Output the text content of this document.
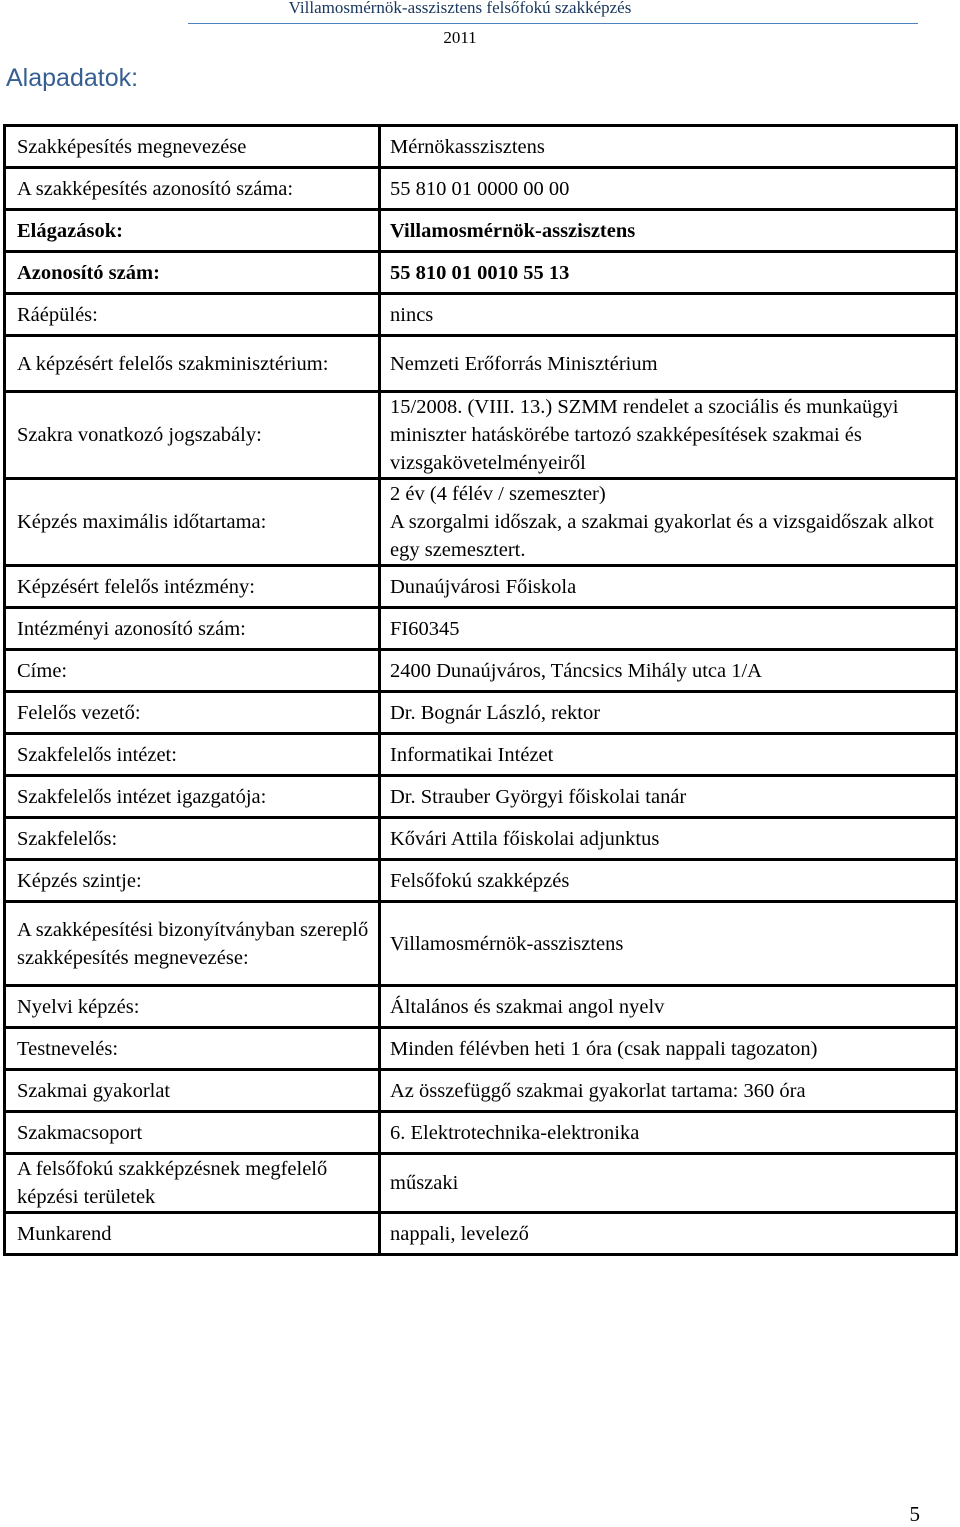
Villamosmérnök-asszisztens felsőfokú szakképzés
2011
Alapadatok:
Szakképesítés megnevezése	Mérnökasszisztens
A szakképesítés azonosító száma:	55 810 01 0000 00 00
Elágazások:	Villamosmérnök-asszisztens
Azonosító szám:	55 810 01 0010 55 13
Ráépülés:	nincs
A képzésért felelős szakminisztérium:	Nemzeti Erőforrás Minisztérium
Szakra vonatkozó jogszabály:	15/2008. (VIII. 13.) SZMM rendelet a szociális és munkaügyi miniszter hatáskörébe tartozó szakképesítések szakmai és vizsgakövetelményeiről
Képzés maximális időtartama:	2 év (4 félév / szemeszter)
A szorgalmi időszak, a szakmai gyakorlat és a vizsgaidőszak alkot egy szemesztert.

Képzésért felelős intézmény:	Dunaújvárosi Főiskola
Intézményi azonosító szám:	FI60345
Címe:	2400 Dunaújváros, Táncsics Mihály utca 1/A
Felelős vezető:	Dr. Bognár László, rektor
Szakfelelős intézet:	Informatikai Intézet
Szakfelelős intézet igazgatója:	Dr. Strauber Györgyi főiskolai tanár
Szakfelelős:	Kővári Attila főiskolai adjunktus
Képzés szintje:	Felsőfokú szakképzés
A szakképesítési bizonyítványban szereplő szakképesítés megnevezése:	Villamosmérnök-asszisztens
Nyelvi képzés:	Általános és szakmai angol nyelv
Testnevelés:	Minden félévben heti 1 óra (csak nappali tagozaton)
Szakmai gyakorlat	Az összefüggő szakmai gyakorlat tartama: 360 óra
Szakmacsoport	6. Elektrotechnika-elektronika
A felsőfokú szakképzésnek megfelelő képzési területek	műszaki
Munkarend	nappali, levelező
5
